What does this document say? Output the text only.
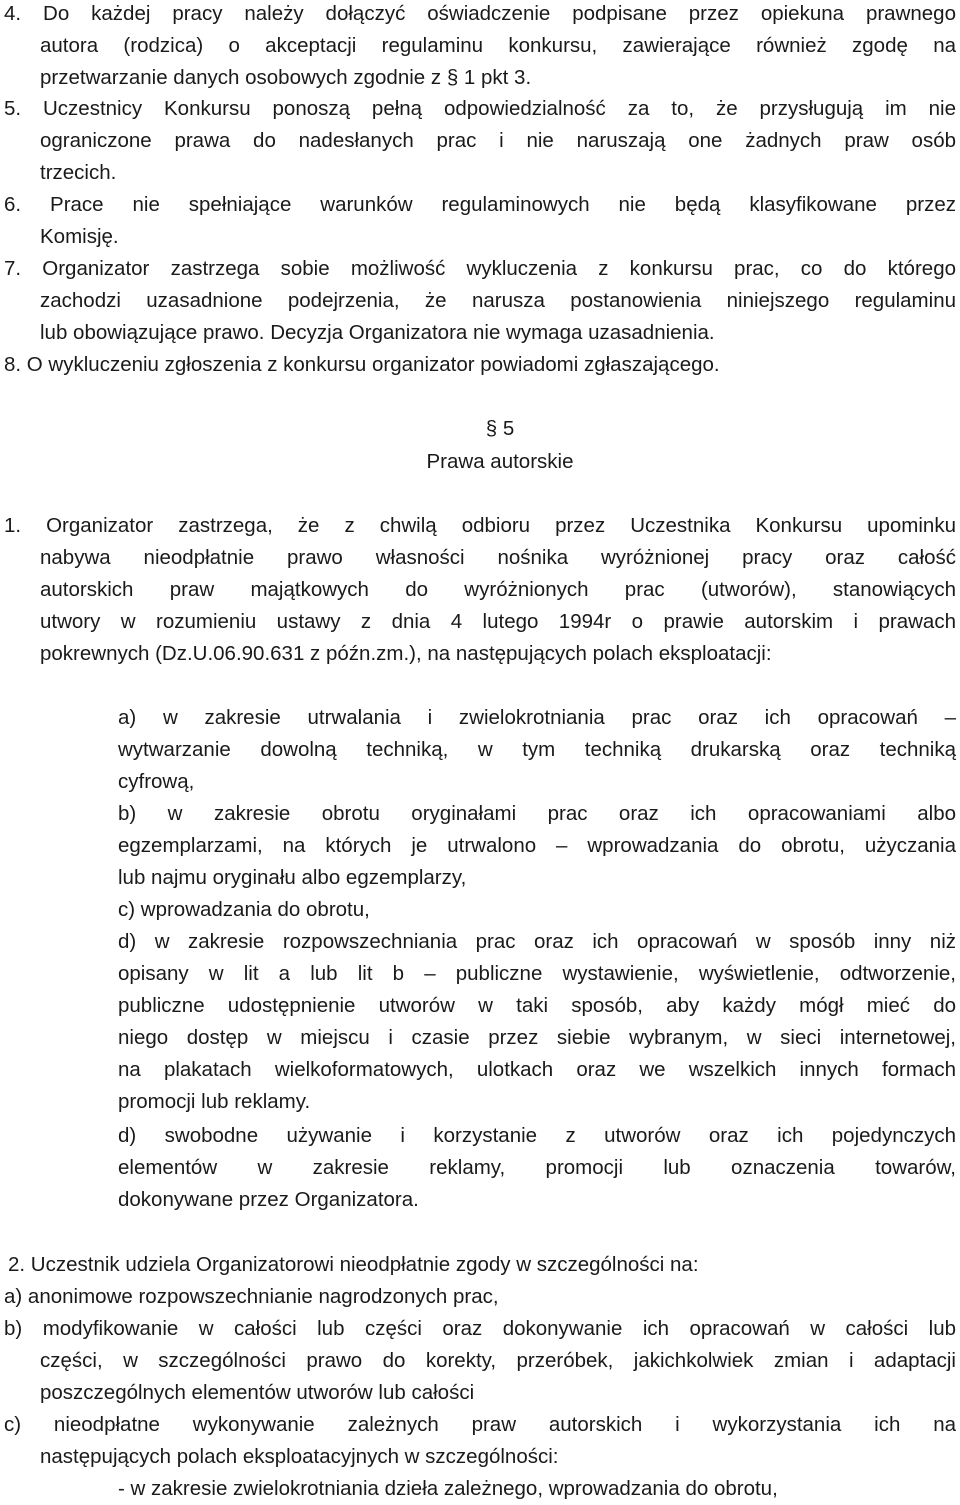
4. Do każdej pracy należy dołączyć oświadczenie podpisane przez opiekuna prawnego
autora (rodzica) o akceptacji regulaminu konkursu, zawierające również zgodę na
przetwarzanie danych osobowych zgodnie z § 1 pkt 3.
5. Uczestnicy Konkursu ponoszą pełną odpowiedzialność za to, że przysługują im nie
ograniczone prawa do nadesłanych prac i nie naruszają one żadnych praw osób
trzecich.
6. Prace nie spełniające warunków regulaminowych nie będą klasyfikowane przez
Komisję.
7. Organizator zastrzega sobie możliwość wykluczenia z konkursu prac, co do którego
zachodzi uzasadnione podejrzenia, że narusza postanowienia niniejszego regulaminu
lub obowiązujące prawo. Decyzja Organizatora nie wymaga uzasadnienia.
8. O wykluczeniu zgłoszenia z konkursu organizator powiadomi zgłaszającego.
§ 5
Prawa autorskie
1. Organizator zastrzega, że z chwilą odbioru przez Uczestnika Konkursu upominku
nabywa nieodpłatnie prawo własności nośnika wyróżnionej pracy oraz całość
autorskich praw majątkowych do wyróżnionych prac (utworów), stanowiących
utwory w rozumieniu ustawy z dnia 4 lutego 1994r o prawie autorskim i prawach
pokrewnych (Dz.U.06.90.631 z późn.zm.), na następujących polach eksploatacji:
a) w zakresie utrwalania i zwielokrotniania prac oraz ich opracowań –
wytwarzanie dowolną techniką, w tym techniką drukarską oraz techniką
cyfrową,
b) w zakresie obrotu oryginałami prac oraz ich opracowaniami albo
egzemplarzami, na których je utrwalono – wprowadzania do obrotu, użyczania
lub najmu oryginału albo egzemplarzy,
c) wprowadzania do obrotu,
d) w zakresie rozpowszechniania prac oraz ich opracowań w sposób inny niż
opisany w lit a lub lit b – publiczne wystawienie, wyświetlenie, odtworzenie,
publiczne udostępnienie utworów w taki sposób, aby każdy mógł mieć do
niego dostęp w miejscu i czasie przez siebie wybranym, w sieci internetowej,
na plakatach wielkoformatowych, ulotkach oraz we wszelkich innych formach
promocji lub reklamy.
d) swobodne używanie i korzystanie z utworów oraz ich pojedynczych
elementów w zakresie reklamy, promocji lub oznaczenia towarów,
dokonywane przez Organizatora.
2. Uczestnik udziela Organizatorowi nieodpłatnie zgody w szczególności na:
a) anonimowe rozpowszechnianie nagrodzonych prac,
b) modyfikowanie w całości lub części oraz dokonywanie ich opracowań w całości lub
części, w szczególności prawo do korekty, przeróbek, jakichkolwiek zmian i adaptacji
poszczególnych elementów utworów lub całości
c) nieodpłatne wykonywanie zależnych praw autorskich i wykorzystania ich na
następujących polach eksploatacyjnych w szczególności:
- w zakresie zwielokrotniania dzieła zależnego, wprowadzania do obrotu,
